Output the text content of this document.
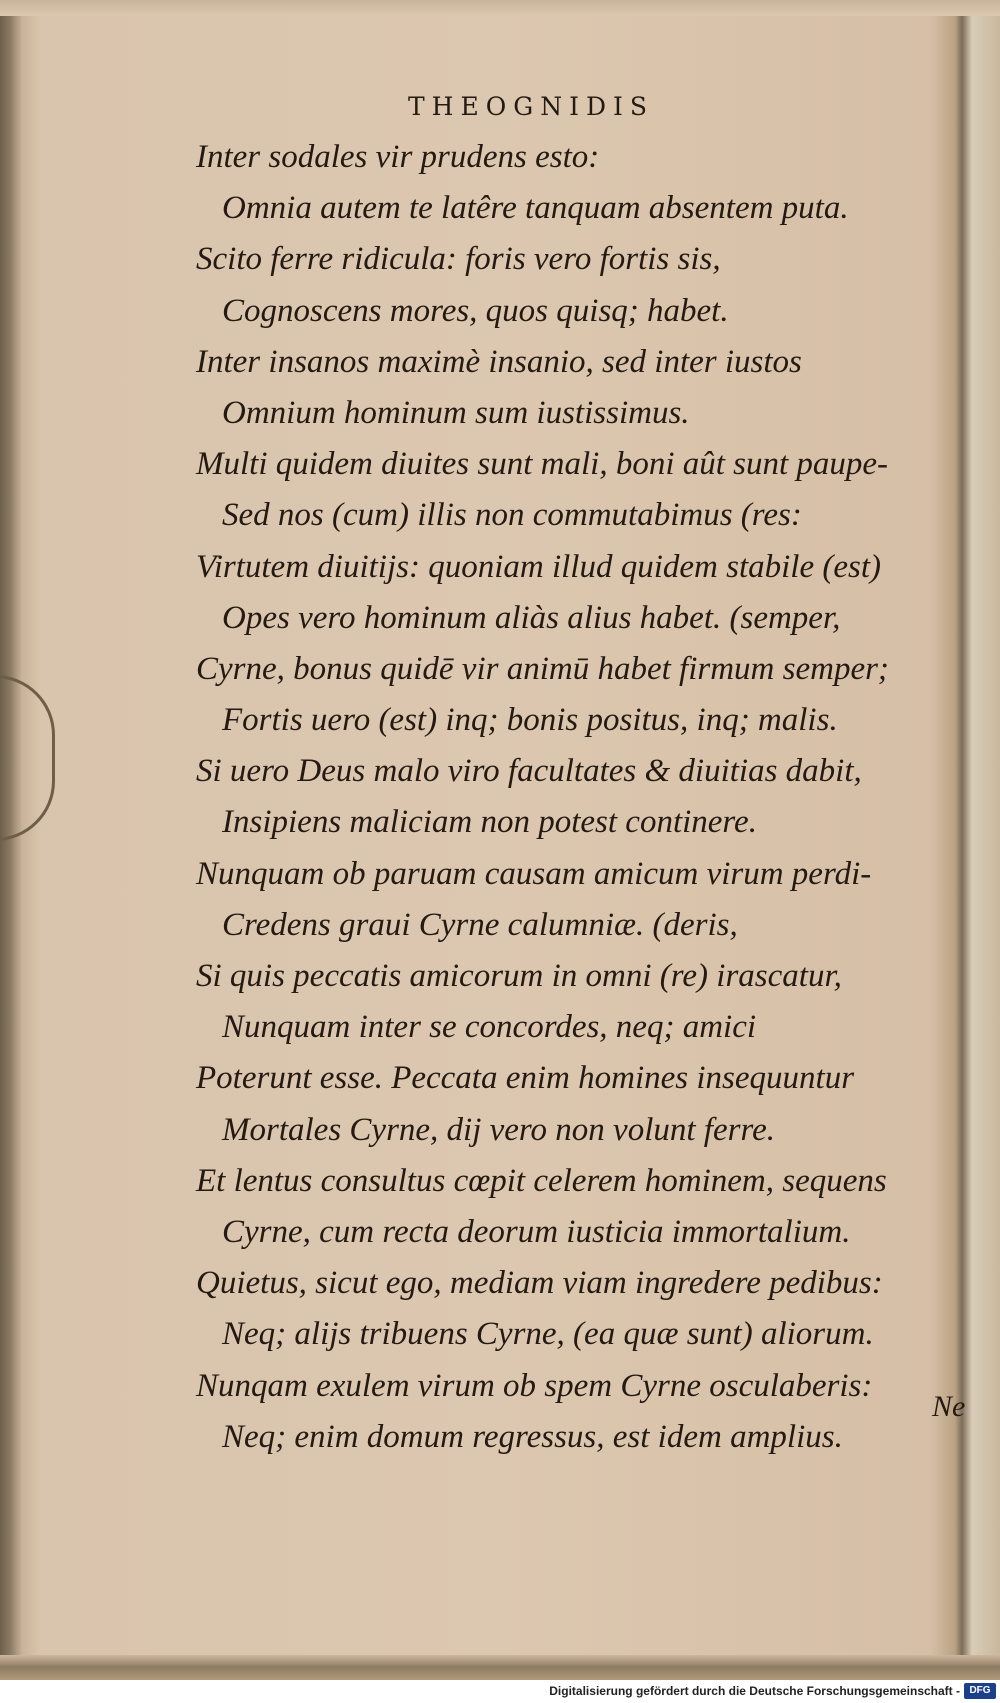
THEOGNIDIS
Inter sodales vir prudens esto:
Omnia autem te latêre tanquam absentem puta.
Scito ferre ridicula: foris vero fortis sis,
Cognoscens mores, quos quisq; habet.
Inter insanos maximè insanio, sed inter iustos
Omnium hominum sum iustissimus.
Multi quidem diuites sunt mali, boni aût sunt paupe-
Sed nos (cum) illis non commutabimus (res:
Virtutem diuitijs: quoniam illud quidem stabile (est)
Opes vero hominum aliàs alius habet. (semper,
Cyrne, bonus quidē vir animū habet firmum semper;
Fortis uero (est) inq; bonis positus, inq; malis.
Si uero Deus malo viro facultates & diuitias dabit,
Insipiens maliciam non potest continere.
Nunquam ob paruam causam amicum virum perdi-
Credens graui Cyrne calumniæ. (deris,
Si quis peccatis amicorum in omni (re) irascatur,
Nunquam inter se concordes, neq; amici
Poterunt esse. Peccata enim homines insequuntur
Mortales Cyrne, dij vero non volunt ferre.
Et lentus consultus cœpit celerem hominem, sequens
Cyrne, cum recta deorum iusticia immortalium.
Quietus, sicut ego, mediam viam ingredere pedibus:
Neq; alijs tribuens Cyrne, (ea quæ sunt) aliorum.
Nunqam exulem virum ob spem Cyrne osculaberis:
Neq; enim domum regressus, est idem amplius.
Ne
Digitalisierung gefördert durch die Deutsche Forschungsgemeinschaft - DFG
